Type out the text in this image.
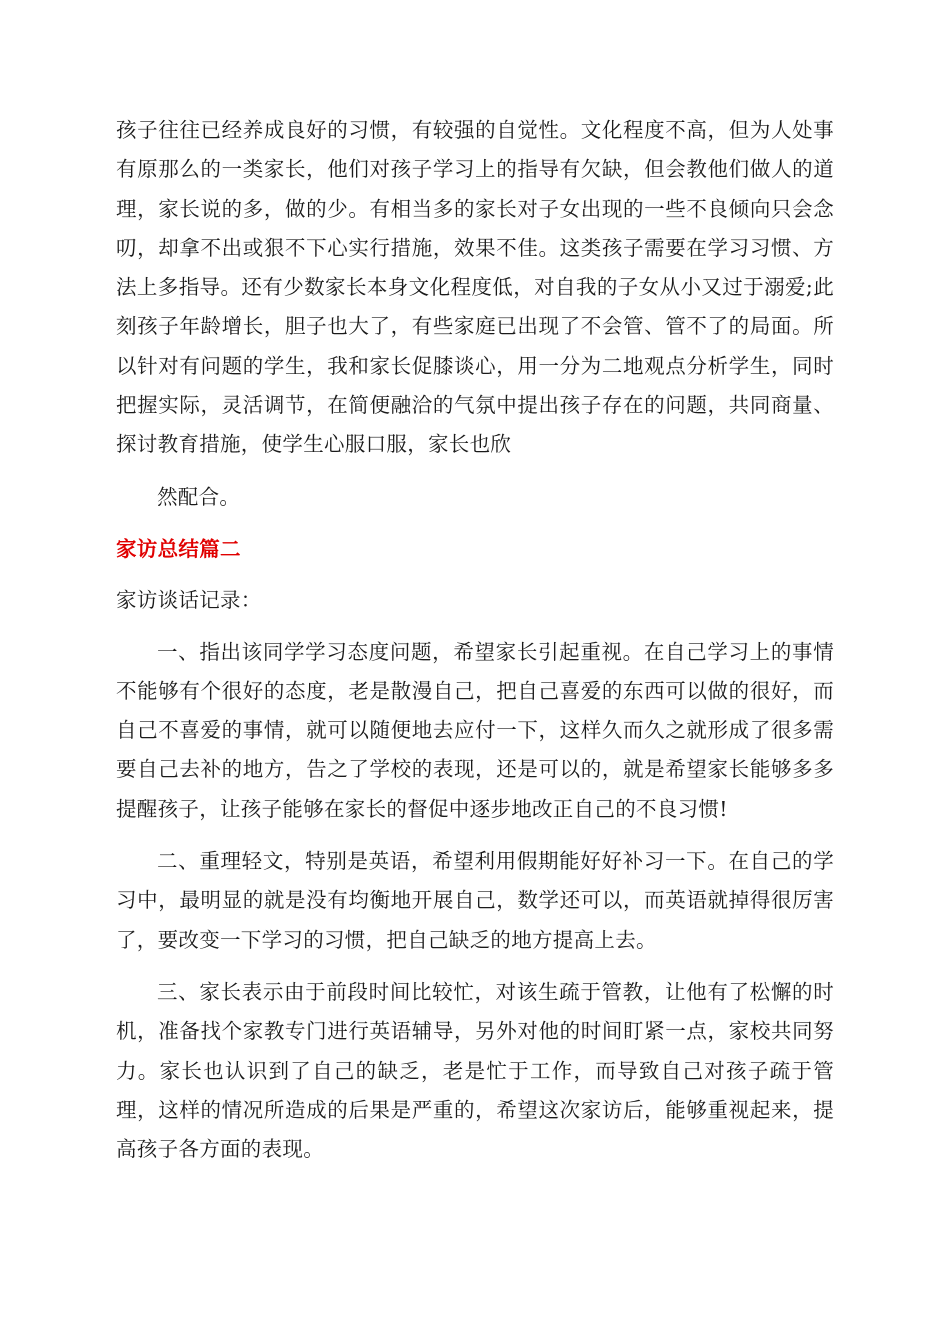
孩子往往已经养成良好的习惯，有较强的自觉性。文化程度不高，但为人处事有原那么的一类家长，他们对孩子学习上的指导有欠缺，但会教他们做人的道理，家长说的多，做的少。有相当多的家长对子女出现的一些不良倾向只会念叨，却拿不出或狠不下心实行措施，效果不佳。这类孩子需要在学习习惯、方法上多指导。还有少数家长本身文化程度低，对自我的子女从小又过于溺爱;此刻孩子年龄增长，胆子也大了，有些家庭已出现了不会管、管不了的局面。所以针对有问题的学生，我和家长促膝谈心，用一分为二地观点分析学生，同时把握实际，灵活调节，在简便融洽的气氛中提出孩子存在的问题，共同商量、探讨教育措施，使学生心服口服，家长也欣

然配合。

家访总结篇二

家访谈话记录：

一、指出该同学学习态度问题，希望家长引起重视。在自己学习上的事情不能够有个很好的态度，老是散漫自己，把自己喜爱的东西可以做的很好，而自己不喜爱的事情，就可以随便地去应付一下，这样久而久之就形成了很多需要自己去补的地方，告之了学校的表现，还是可以的，就是希望家长能够多多提醒孩子，让孩子能够在家长的督促中逐步地改正自己的不良习惯!

二、重理轻文，特别是英语，希望利用假期能好好补习一下。在自己的学习中，最明显的就是没有均衡地开展自己，数学还可以，而英语就掉得很厉害了，要改变一下学习的习惯，把自己缺乏的地方提高上去。

三、家长表示由于前段时间比较忙，对该生疏于管教，让他有了松懈的时机，准备找个家教专门进行英语辅导，另外对他的时间盯紧一点，家校共同努力。家长也认识到了自己的缺乏，老是忙于工作，而导致自己对孩子疏于管理，这样的情况所造成的后果是严重的，希望这次家访后，能够重视起来，提高孩子各方面的表现。
